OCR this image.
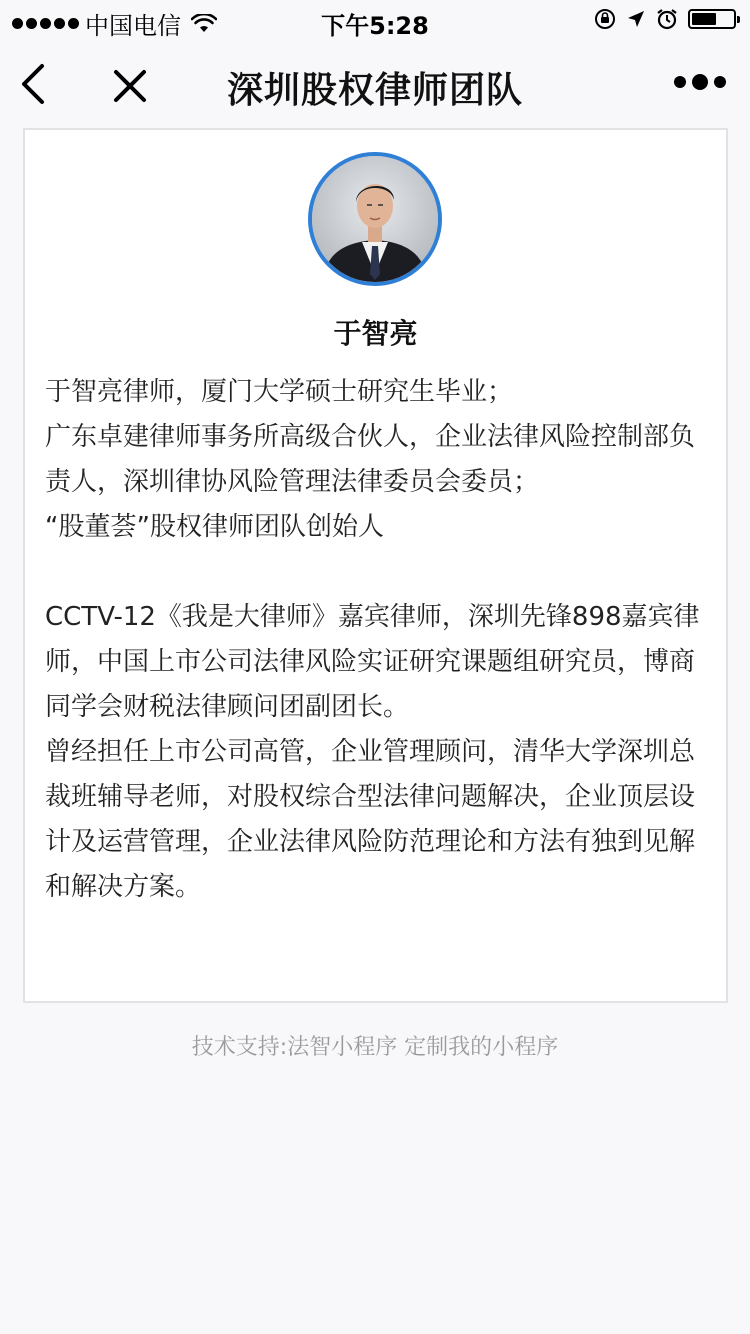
中国电信	下午5:28
深圳股权律师团队
于智亮

于智亮律师，厦门大学硕士研究生毕业；

广东卓建律师事务所高级合伙人，企业法律风险控制部负责人，深圳律协风险管理法律委员会委员；

“股董荟”股权律师团队创始人

CCTV-12《我是大律师》嘉宾律师，深圳先锋898嘉宾律师，中国上市公司法律风险实证研究课题组研究员，博商同学会财税法律顾问团副团长。

曾经担任上市公司高管，企业管理顾问，清华大学深圳总裁班辅导老师，对股权综合型法律问题解决，企业顶层设计及运营管理，企业法律风险防范理论和方法有独到见解和解决方案。

技术支持:法智小程序 定制我的小程序
